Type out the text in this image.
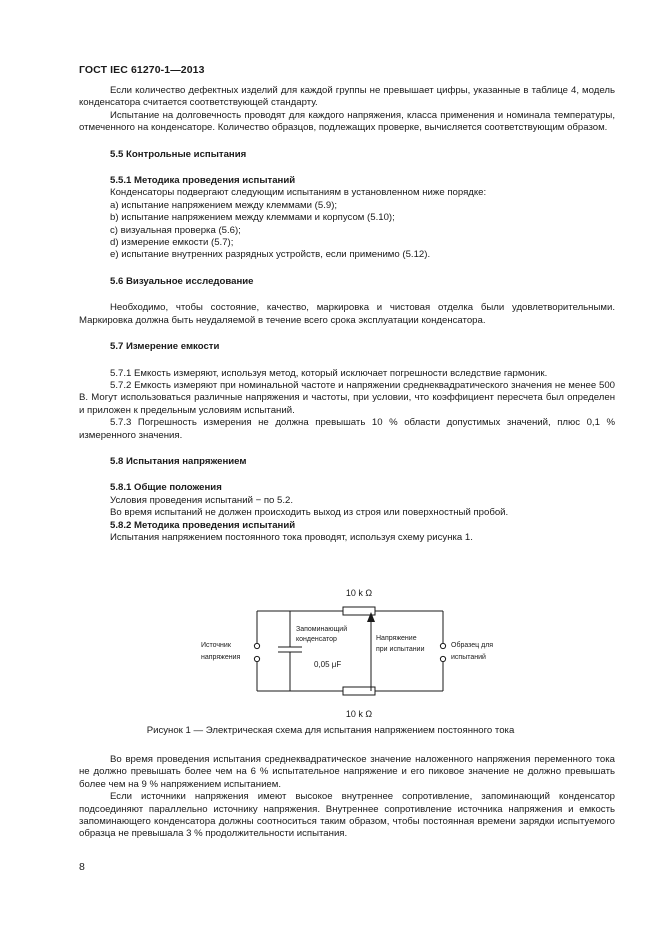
ГОСТ IEC 61270-1—2013

Если количество дефектных изделий для каждой группы не превышает цифры, указанные в таблице 4, модель конденсатора считается соответствующей стандарту.

Испытание на долговечность проводят для каждого напряжения, класса применения и номинала температуры, отмеченного на конденсаторе. Количество образцов, подлежащих проверке, вычисляется соответствующим образом.

5.5 Контрольные испытания

5.5.1 Методика проведения испытаний

Конденсаторы подвергают следующим испытаниям в установленном ниже порядке:

a) испытание напряжением между клеммами (5.9);

b) испытание напряжением между клеммами и корпусом (5.10);

c) визуальная проверка (5.6);

d) измерение емкости (5.7);

e) испытание внутренних разрядных устройств, если применимо (5.12).

5.6 Визуальное исследование

Необходимо, чтобы состояние, качество, маркировка и чистовая отделка были удовлетворительными. Маркировка должна быть неудаляемой в течение всего срока эксплуатации конденсатора.

5.7 Измерение емкости

5.7.1 Емкость измеряют, используя метод, который исключает погрешности вследствие гармоник.

5.7.2 Емкость измеряют при номинальной частоте и напряжении среднеквадратического значения не менее 500 В. Могут использоваться различные напряжения и частоты, при условии, что коэффициент пересчета был определен и приложен к предельным условиям испытаний.

5.7.3 Погрешность измерения не должна превышать 10 % области допустимых значений, плюс 0,1 % измеренного значения.

5.8 Испытания напряжением

5.8.1 Общие положения

Условия проведения испытаний − по 5.2.

Во время испытаний не должен происходить выход из строя или поверхностный пробой.

5.8.2 Методика проведения испытаний

Испытания напряжением постоянного тока проводят, используя схему рисунка 1.

10 k Ω
10 k Ω
Источник
напряжения
Запоминающий
конденсатор
0,05 μF
Напряжение
при испытании
Образец для
испытаний
Рисунок 1 — Электрическая схема для испытания напряжением постоянного тока

Во время проведения испытания среднеквадратическое значение наложенного напряжения переменного тока не должно превышать более чем на 6 % испытательное напряжение и его пиковое значение не должно превышать более чем на 9 % напряжением испытанием.

Если источники напряжения имеют высокое внутреннее сопротивление, запоминающий конденсатор подсоединяют параллельно источнику напряжения. Внутреннее сопротивление источника напряжения и емкость запоминающего конденсатора должны соотноситься таким образом, чтобы постоянная времени зарядки испытуемого образца не превышала 3 % продолжительности испытания.

8
